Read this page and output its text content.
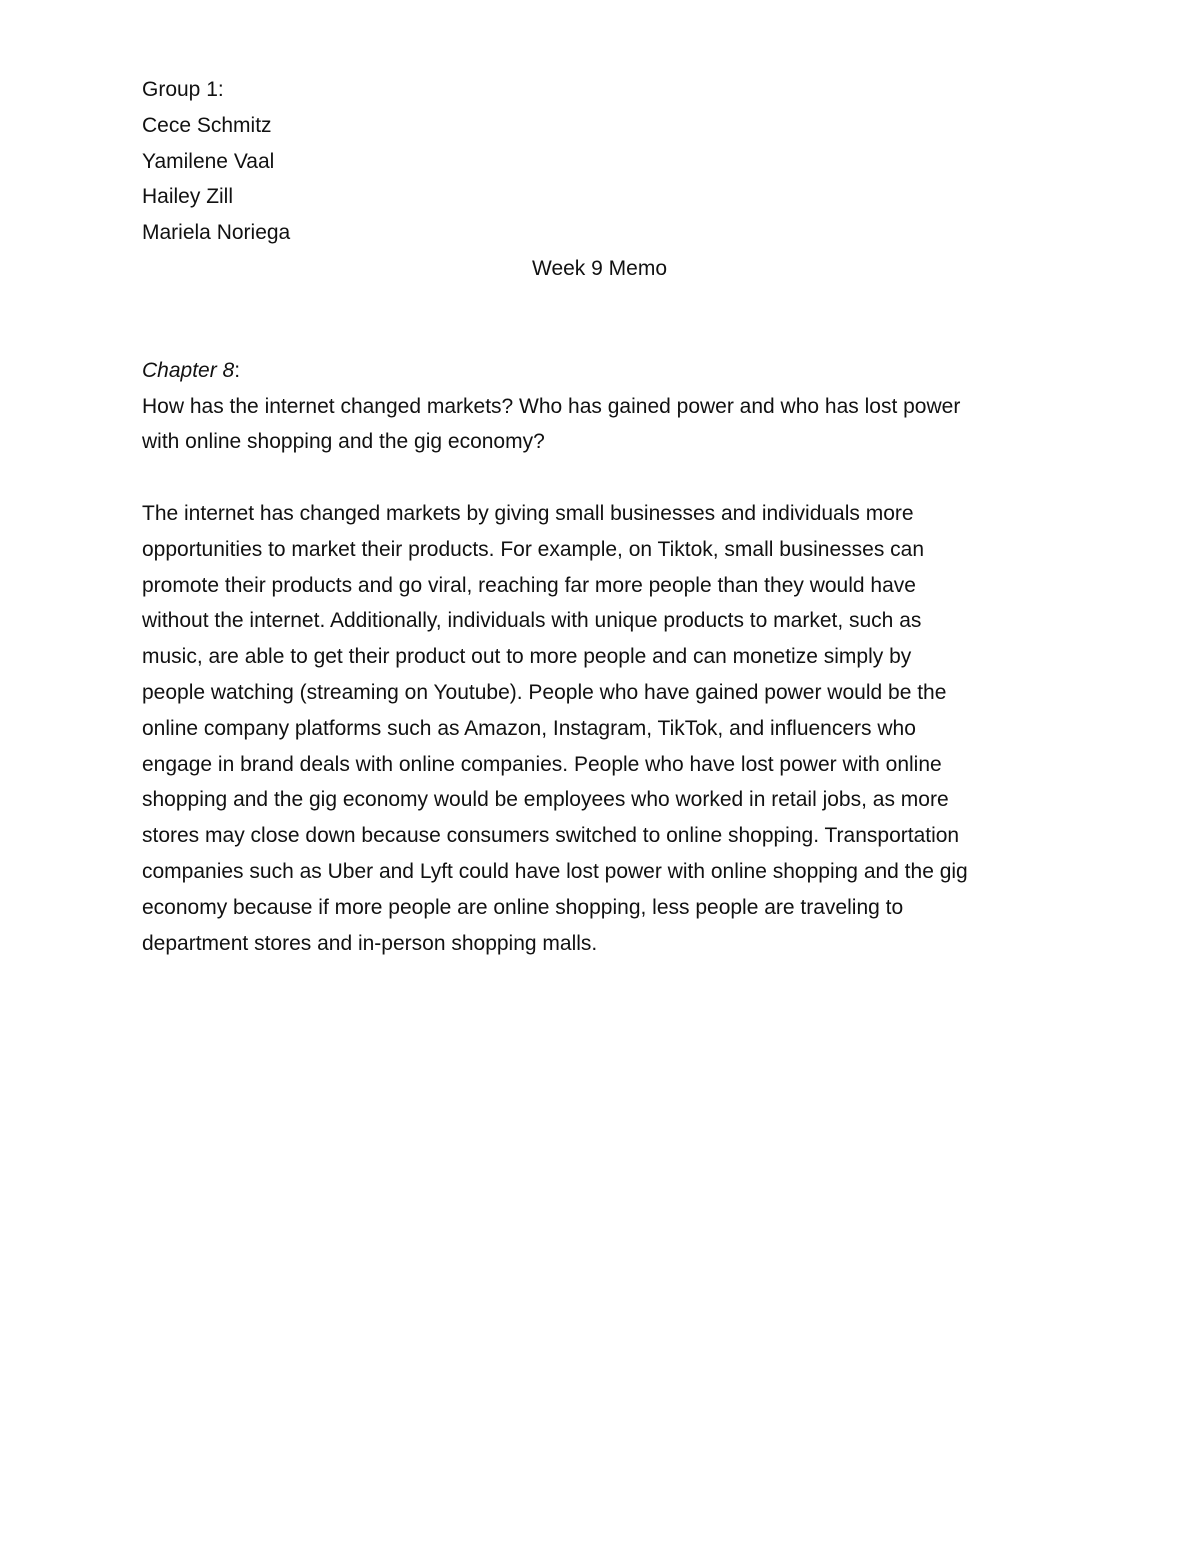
Group 1:
Cece Schmitz
Yamilene Vaal
Hailey Zill
Mariela Noriega
Week 9 Memo
Chapter 8:
How has the internet changed markets? Who has gained power and who has lost power
with online shopping and the gig economy?
The internet has changed markets by giving small businesses and individuals more
opportunities to market their products. For example, on Tiktok, small businesses can
promote their products and go viral, reaching far more people than they would have
without the internet. Additionally, individuals with unique products to market, such as
music, are able to get their product out to more people and can monetize simply by
people watching (streaming on Youtube). People who have gained power would be the
online company platforms such as Amazon, Instagram, TikTok, and influencers who
engage in brand deals with online companies. People who have lost power with online
shopping and the gig economy would be employees who worked in retail jobs, as more
stores may close down because consumers switched to online shopping. Transportation
companies such as Uber and Lyft could have lost power with online shopping and the gig
economy because if more people are online shopping, less people are traveling to
department stores and in-person shopping malls.
